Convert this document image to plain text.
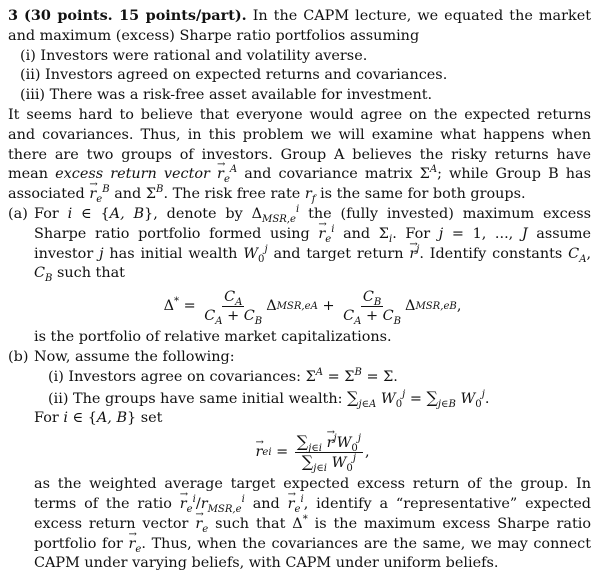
3 (30 points. 15 points/part). In the CAPM lecture, we equated the market and maximum (excess) Sharpe ratio portfolios assuming

(i) Investors were rational and volatility averse.
(ii) Investors agreed on expected returns and covariances.
(iii) There was a risk-free asset available for investment.

It seems hard to believe that everyone would agree on the expected returns and covariances. Thus, in this problem we will examine what happens when there are two groups of investors. Group A believes the risky returns have mean excess return vector → $r_e^A$ and covariance matrix $\Sigma^A$; while Group B has associated → $r_e^B$ and $\Sigma^B$. The risk free rate $r_f$ is the same for both groups.

(a) For i ∈ {A, B}, denote by $\Delta_{MSR,e}^i$ the (fully invested) maximum excess Sharpe ratio portfolio formed $using \to r_e^i$ and $\Sigma_i$. For j = 1, ..., J assume investor j has initial wealth $W_0^j$ and target return → $r^j$. Identify constants $C_A$, $C_B$ such that

$\Delta^* = \frac{C_A}{C_A + C_B}$ Δ MSR,e $A + \frac{C_B}{C_A + C_B}$ Δ MSR,e B ,

is the portfolio of relative market capitalizations.

(b) Now, assume the following:

(i) Investors agree on covariances: $\Sigma^A = \Sigma^B = \Sigma$.
(ii) The groups have same initial wealth: $\sum_{j\in A}$ $W_0^j = \sum_{j\in B}$ $W_0^j$.

For i ∈ {A, B} set

→ r e $i = \frac{\sum_{j\in i} \to r^jW_0^j}{\sum_{j\in i} W_0^j}$ ,

as the weighted average target expected excess return of the group. In terms of the ratio → $r_e^i/r_{MSR,e}^i$ and → $r_e^i$, identify a “representative” expected excess return vector → $r_e$ such that Δ* is the maximum excess Sharpe ratio portfolio for → $r_e$. Thus, when the covariances are the same, we may connect CAPM under varying beliefs, with CAPM under uniform beliefs.
